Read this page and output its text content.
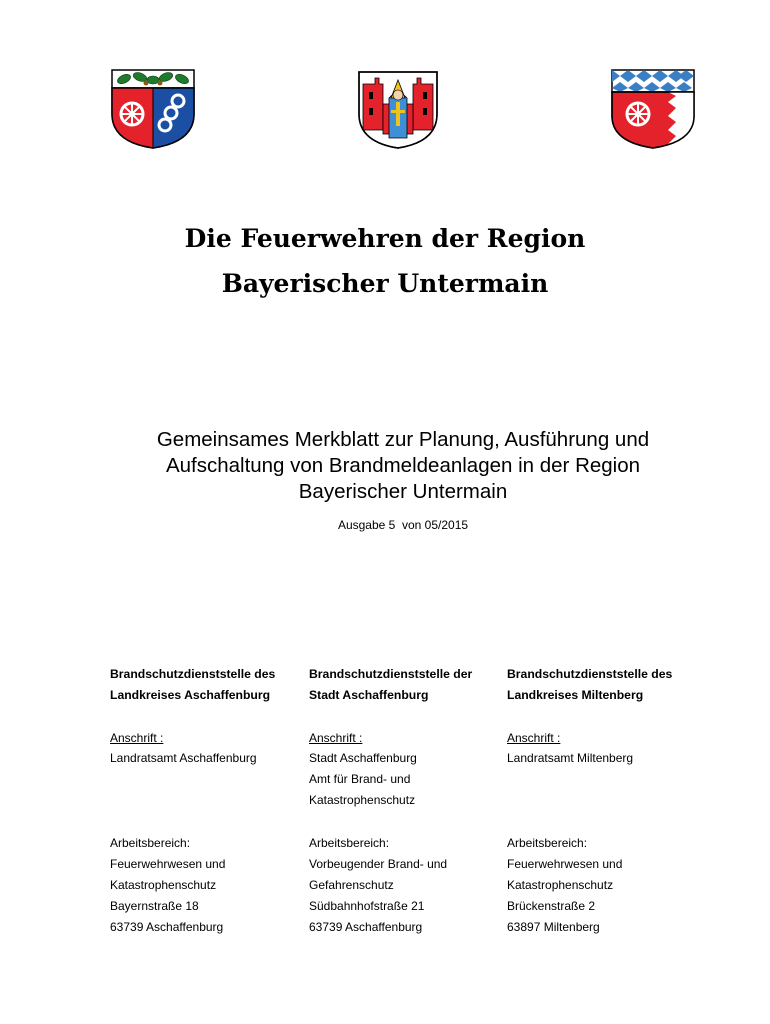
Die Feuerwehren der Region
Bayerischer Untermain
Gemeinsames Merkblatt zur Planung, Ausführung und
Aufschaltung von Brandmeldeanlagen in der Region
Bayerischer Untermain
Ausgabe 5  von 05/2015
Brandschutzdienststelle des
Landkreises Aschaffenburg
Anschrift :
Landratsamt Aschaffenburg

Arbeitsbereich:
Feuerwehrwesen und
Katastrophenschutz
Bayernstraße 18
63739 Aschaffenburg
Brandschutzdienststelle der
Stadt Aschaffenburg
Anschrift :
Stadt Aschaffenburg
Amt für Brand- und
Katastrophenschutz
Arbeitsbereich:
Vorbeugender Brand- und
Gefahrenschutz
Südbahnhofstraße 21
63739 Aschaffenburg
Brandschutzdienststelle des
Landkreises Miltenberg
Anschrift :
Landratsamt Miltenberg

Arbeitsbereich:
Feuerwehrwesen und
Katastrophenschutz
Brückenstraße 2
63897 Miltenberg
